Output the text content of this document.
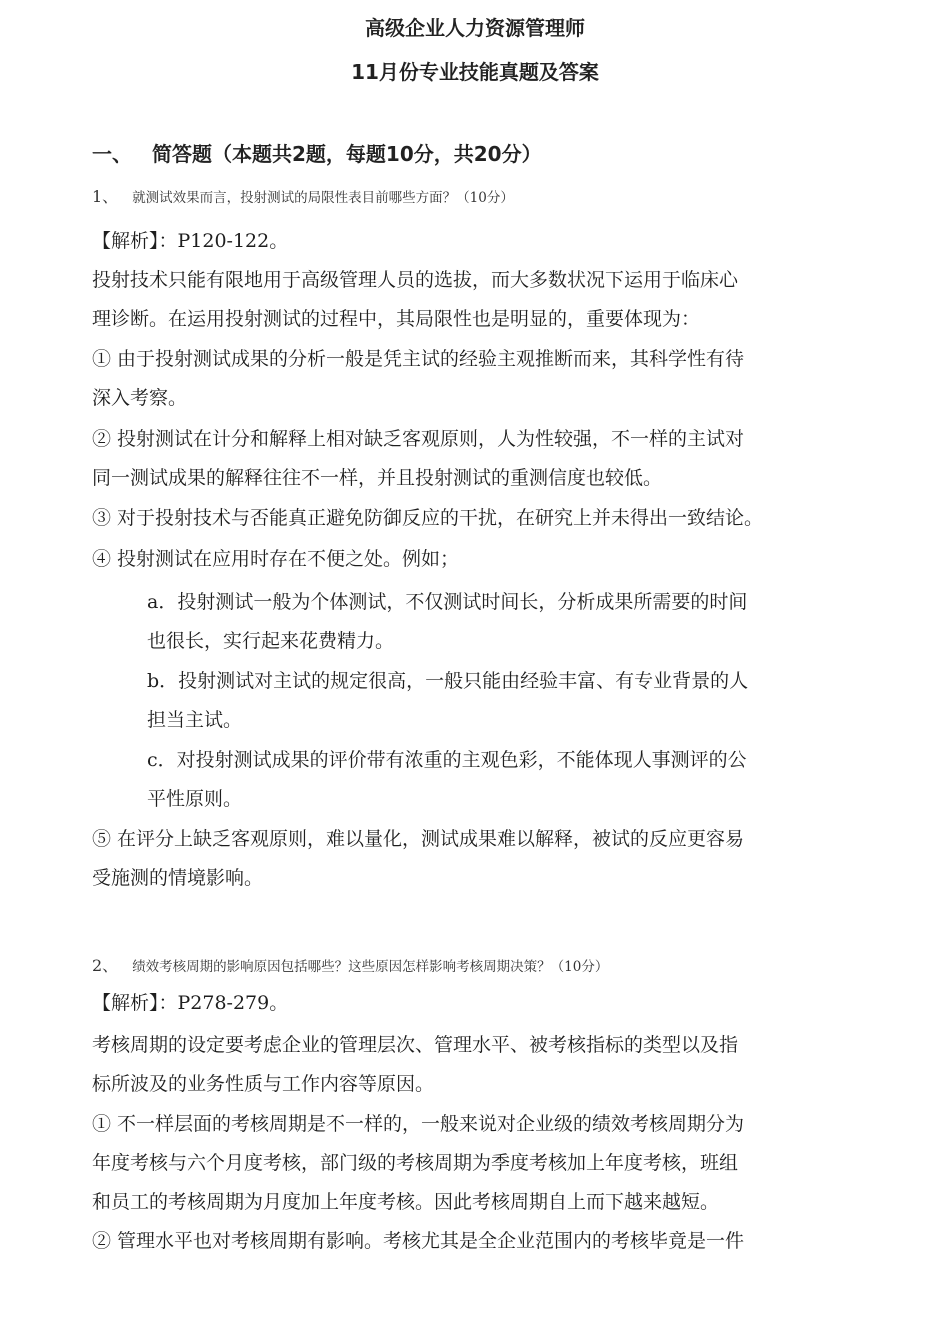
高级企业人力资源管理师
11月份专业技能真题及答案
一、 简答题（本题共2题，每题10分，共20分）
1、 就测试效果而言，投射测试的局限性表目前哪些方面？（10分）
【解析】：P120-122。
投射技术只能有限地用于高级管理人员的选拔，而大多数状况下运用于临床心
理诊断。在运用投射测试的过程中，其局限性也是明显的，重要体现为：
① 由于投射测试成果的分析一般是凭主试的经验主观推断而来，其科学性有待
深入考察。
② 投射测试在计分和解释上相对缺乏客观原则，人为性较强，不一样的主试对
同一测试成果的解释往往不一样，并且投射测试的重测信度也较低。
③ 对于投射技术与否能真正避免防御反应的干扰，在研究上并未得出一致结论。
④ 投射测试在应用时存在不便之处。例如；
a．投射测试一般为个体测试，不仅测试时间长，分析成果所需要的时间
也很长，实行起来花费精力。
b．投射测试对主试的规定很高，一般只能由经验丰富、有专业背景的人
担当主试。
c．对投射测试成果的评价带有浓重的主观色彩，不能体现人事测评的公
平性原则。
⑤ 在评分上缺乏客观原则，难以量化，测试成果难以解释，被试的反应更容易
受施测的情境影响。
2、 绩效考核周期的影响原因包括哪些？这些原因怎样影响考核周期决策？（10分）
【解析】：P278-279。
考核周期的设定要考虑企业的管理层次、管理水平、被考核指标的类型以及指
标所波及的业务性质与工作内容等原因。
① 不一样层面的考核周期是不一样的，一般来说对企业级的绩效考核周期分为
年度考核与六个月度考核，部门级的考核周期为季度考核加上年度考核，班组
和员工的考核周期为月度加上年度考核。因此考核周期自上而下越来越短。
② 管理水平也对考核周期有影响。考核尤其是全企业范围内的考核毕竟是一件
